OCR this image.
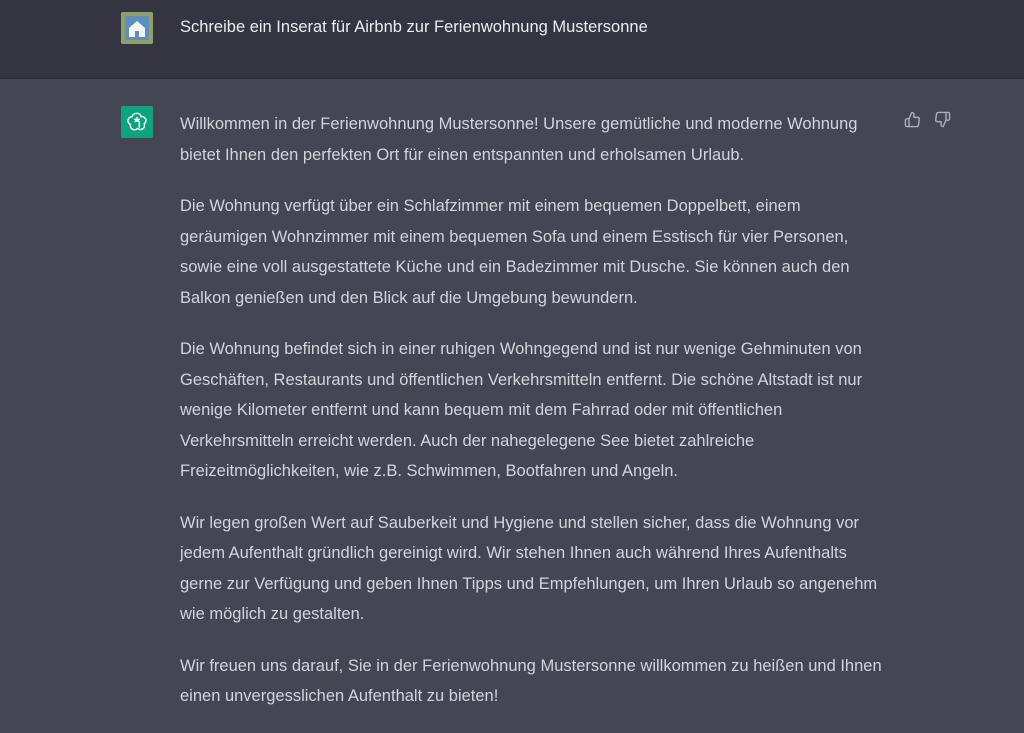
Schreibe ein Inserat für Airbnb zur Ferienwohnung Mustersonne

Willkommen in der Ferienwohnung Mustersonne! Unsere gemütliche und moderne Wohnung bietet Ihnen den perfekten Ort für einen entspannten und erholsamen Urlaub.

Die Wohnung verfügt über ein Schlafzimmer mit einem bequemen Doppelbett, einem geräumigen Wohnzimmer mit einem bequemen Sofa und einem Esstisch für vier Personen, sowie eine voll ausgestattete Küche und ein Badezimmer mit Dusche. Sie können auch den Balkon genießen und den Blick auf die Umgebung bewundern.

Die Wohnung befindet sich in einer ruhigen Wohngegend und ist nur wenige Gehminuten von Geschäften, Restaurants und öffentlichen Verkehrsmitteln entfernt. Die schöne Altstadt ist nur wenige Kilometer entfernt und kann bequem mit dem Fahrrad oder mit öffentlichen Verkehrsmitteln erreicht werden. Auch der nahegelegene See bietet zahlreiche Freizeitmöglichkeiten, wie z.B. Schwimmen, Bootfahren und Angeln.

Wir legen großen Wert auf Sauberkeit und Hygiene und stellen sicher, dass die Wohnung vor jedem Aufenthalt gründlich gereinigt wird. Wir stehen Ihnen auch während Ihres Aufenthalts gerne zur Verfügung und geben Ihnen Tipps und Empfehlungen, um Ihren Urlaub so angenehm wie möglich zu gestalten.

Wir freuen uns darauf, Sie in der Ferienwohnung Mustersonne willkommen zu heißen und Ihnen einen unvergesslichen Aufenthalt zu bieten!
